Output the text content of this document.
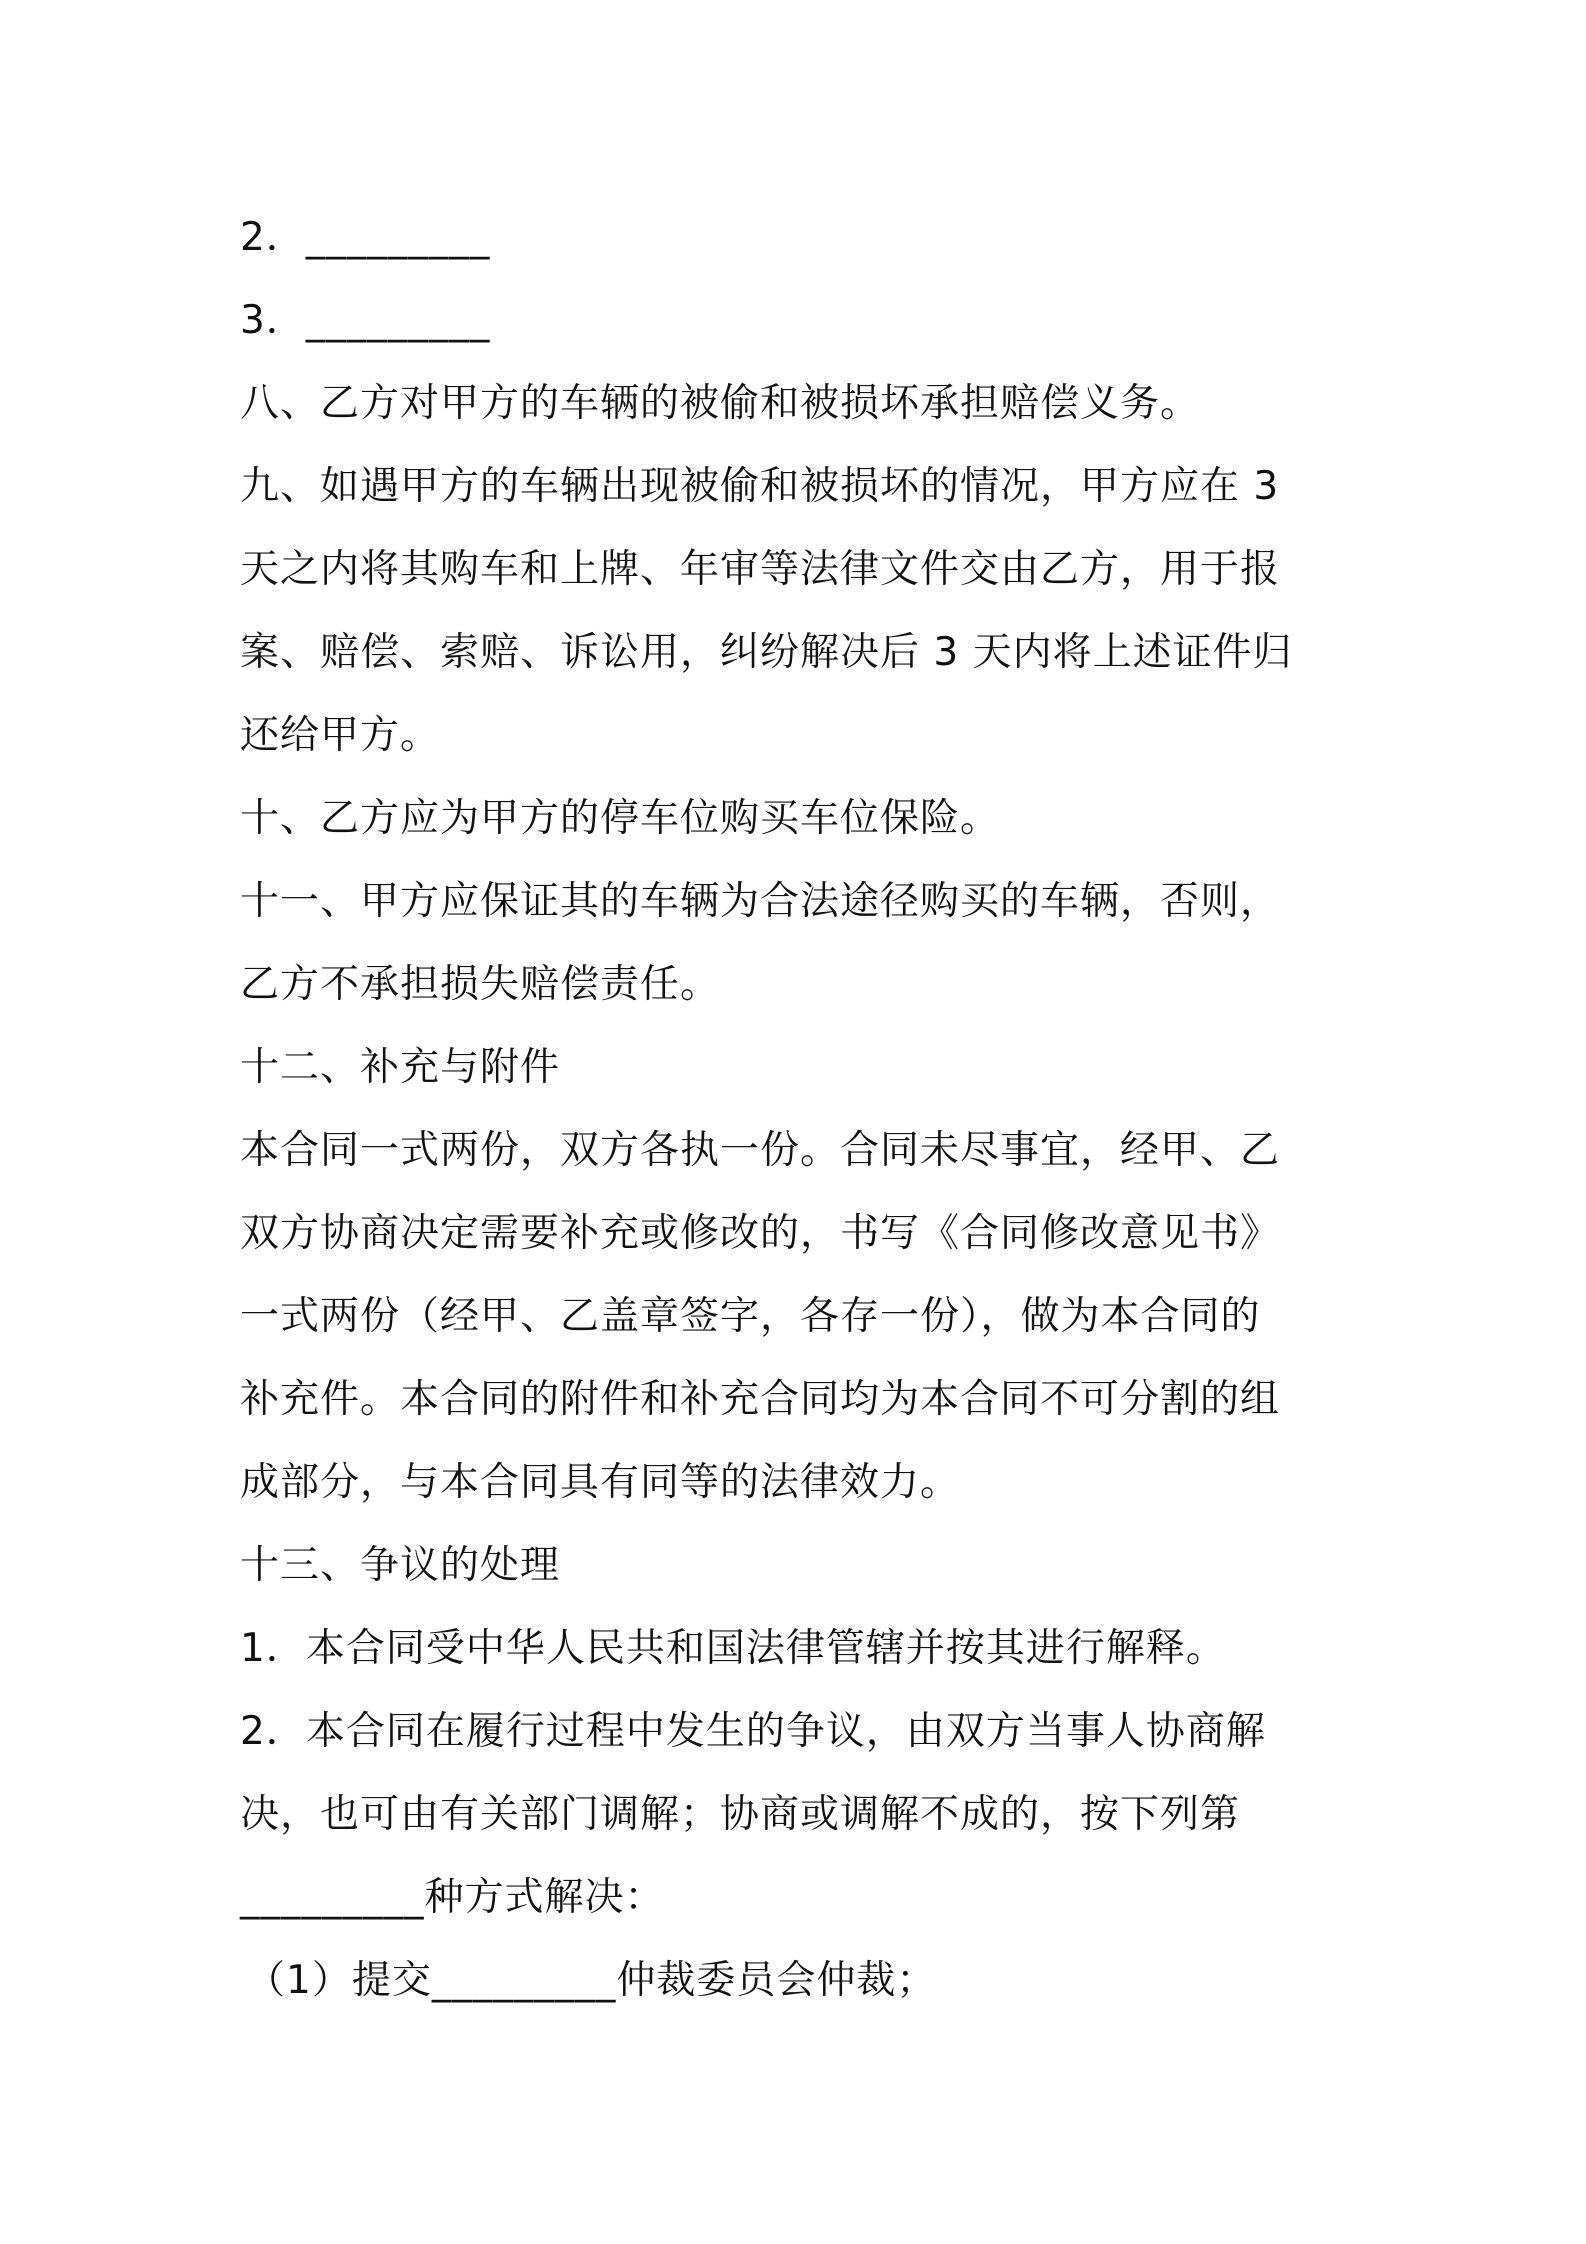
2．_________
3．_________
八、乙方对甲方的车辆的被偷和被损坏承担赔偿义务。
九、如遇甲方的车辆出现被偷和被损坏的情况，甲方应在 3
天之内将其购车和上牌、年审等法律文件交由乙方，用于报
案、赔偿、索赔、诉讼用，纠纷解决后 3 天内将上述证件归
还给甲方。
十、乙方应为甲方的停车位购买车位保险。
十一、甲方应保证其的车辆为合法途径购买的车辆，否则，
乙方不承担损失赔偿责任。
十二、补充与附件
本合同一式两份，双方各执一份。合同未尽事宜，经甲、乙
双方协商决定需要补充或修改的，书写《合同修改意见书》
一式两份（经甲、乙盖章签字，各存一份），做为本合同的
补充件。本合同的附件和补充合同均为本合同不可分割的组
成部分，与本合同具有同等的法律效力。
十三、争议的处理
1．本合同受中华人民共和国法律管辖并按其进行解释。
2．本合同在履行过程中发生的争议，由双方当事人协商解
决，也可由有关部门调解；协商或调解不成的，按下列第
_________种方式解决：
（1）提交_________仲裁委员会仲裁；
